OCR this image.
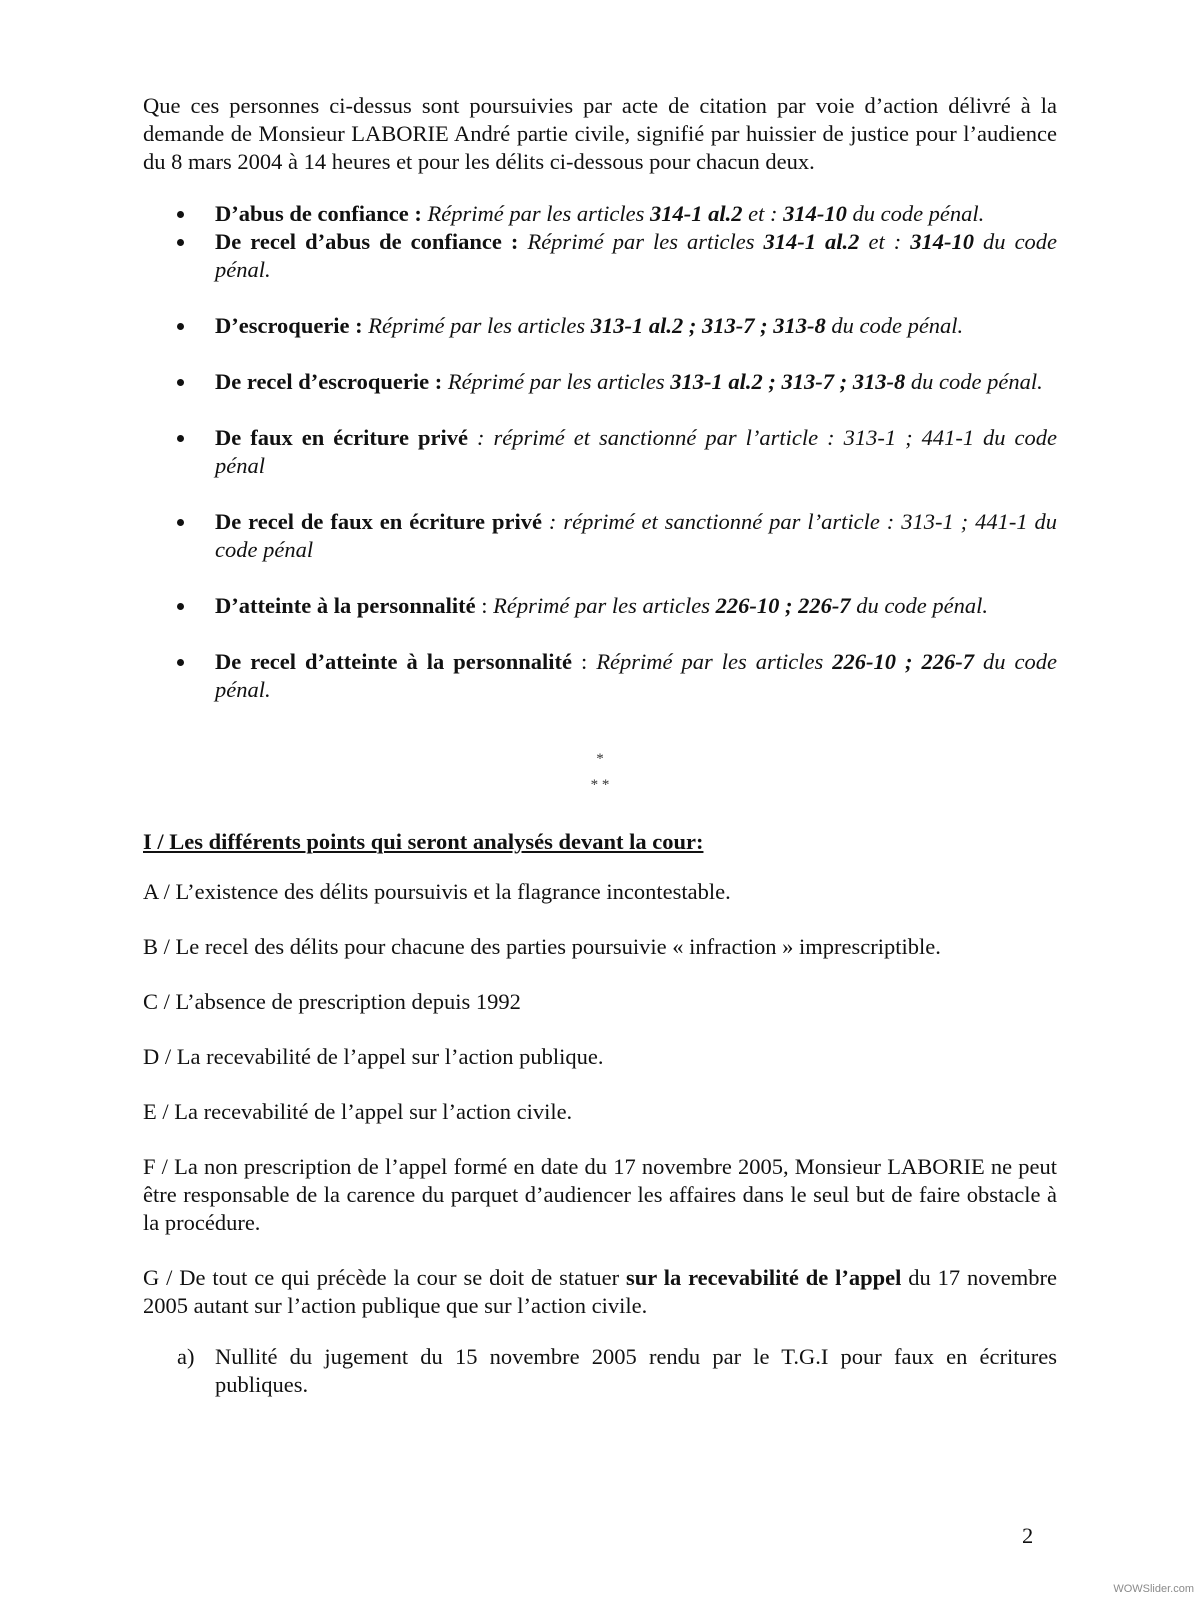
Que ces personnes ci-dessus sont poursuivies par acte de citation par voie d’action délivré à la demande de Monsieur LABORIE André partie civile, signifié par huissier de justice pour l’audience du 8 mars 2004 à 14 heures et pour les délits ci-dessous pour chacun deux.

D’abus de confiance : Réprimé par les articles 314-1 al.2 et : 314-10 du code pénal.
De recel d’abus de confiance : Réprimé par les articles 314-1 al.2 et : 314-10 du code pénal.
D’escroquerie : Réprimé par les articles 313-1 al.2 ; 313-7 ; 313-8 du code pénal.
De recel d’escroquerie : Réprimé par les articles 313-1 al.2 ; 313-7 ; 313-8 du code pénal.
De faux en écriture privé : réprimé et sanctionné par l’article : 313-1 ; 441-1 du code pénal
De recel de faux en écriture privé : réprimé et sanctionné par l’article : 313-1 ; 441-1 du code pénal
D’atteinte à la personnalité : Réprimé par les articles 226-10 ; 226-7 du code pénal.
De recel d’atteinte à la personnalité : Réprimé par les articles 226-10 ; 226-7 du code pénal.
*
* *

I / Les différents points qui seront analysés devant la cour:

A / L’existence des délits poursuivis et la flagrance incontestable.

B / Le recel des délits pour chacune des parties poursuivie « infraction » imprescriptible.

C / L’absence de prescription depuis 1992

D / La recevabilité de l’appel sur l’action publique.

E / La recevabilité de l’appel sur l’action civile.

F / La non prescription de l’appel formé en date du 17 novembre 2005, Monsieur LABORIE ne peut être responsable de la carence du parquet d’audiencer les affaires dans le seul but de faire obstacle à la procédure.

G / De tout ce qui précède la cour se doit de statuer sur la recevabilité de l’appel du 17 novembre 2005 autant sur l’action publique que sur l’action civile.

a) Nullité du jugement du 15 novembre 2005 rendu par le T.G.I pour faux en écritures publiques.
2
WOWSlider.com
